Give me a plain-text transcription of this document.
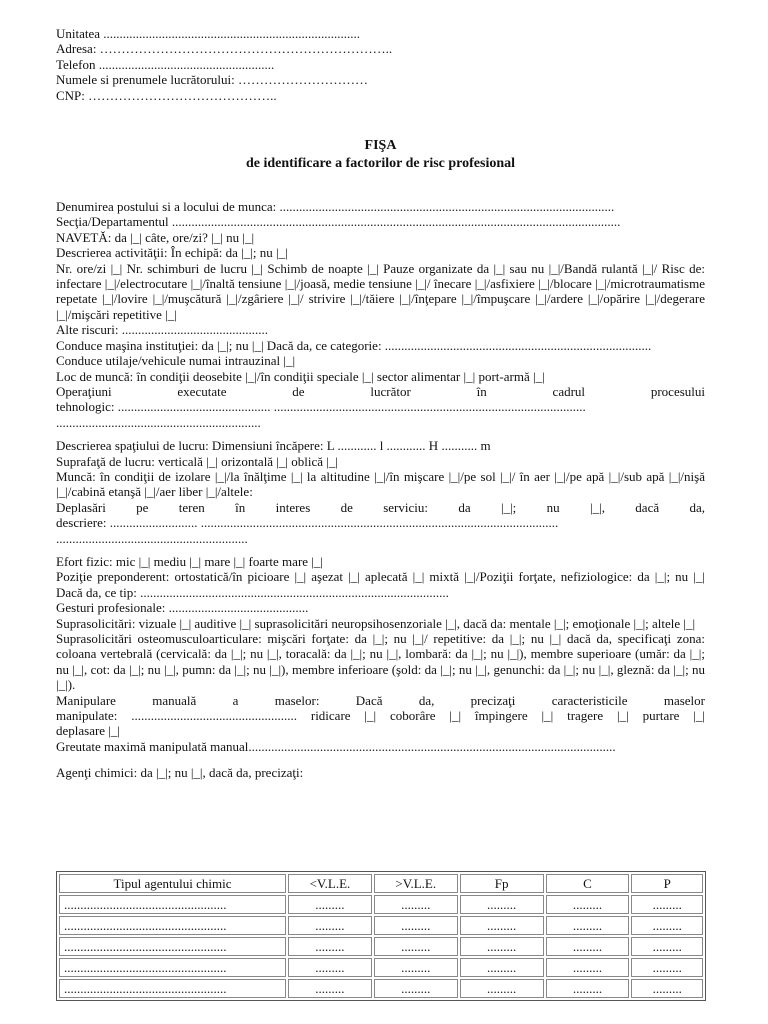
Unitatea ...............................................................................
Adresa: …………………………………………………………..
Telefon ......................................................
Numele si prenumele lucrătorului: …………………………
CNP: ……………………………………..
FIŞA
de identificare a factorilor de risc profesional
Denumirea postului si a locului de munca: .......................................................................................................
Secţia/Departamentul ..........................................................................................................................................
NAVETĂ: da |_| câte, ore/zi? |_| nu |_|
Descrierea activităţii: În echipă: da |_|; nu |_|
Nr. ore/zi |_| Nr. schimburi de lucru |_| Schimb de noapte |_| Pauze organizate da |_| sau nu |_|/Bandă rulantă |_|/ Risc de: infectare |_|/electrocutare |_|/înaltă tensiune |_|/joasă, medie tensiune |_|/ înecare |_|/asfixiere |_|/blocare |_|/microtraumatisme repetate |_|/lovire |_|/muşcătură |_|/zgâriere |_|/ strivire |_|/tăiere |_|/înţepare |_|/împuşcare |_|/ardere |_|/opărire |_|/degerare |_|/mişcări repetitive |_|
Alte riscuri: .............................................
Conduce maşina instituţiei: da |_|; nu |_| Dacă da, ce categorie: ..................................................................................
Conduce utilaje/vehicule numai intrauzinal |_|
Loc de muncă: în condiţii deosebite |_|/în condiţii speciale |_| sector alimentar |_| port-armă |_|
Operaţiuni executate de lucrător în cadrul procesului
tehnologic: ............................................... ................................................................................................
...............................................................
Descrierea spaţiului de lucru: Dimensiuni încăpere: L ............ l ............ H ........... m
Suprafaţă de lucru: verticală |_| orizontală |_| oblică |_|
Muncă: în condiţii de izolare |_|/la înălţime |_| la altitudine |_|/în mişcare |_|/pe sol |_|/ în aer |_|/pe apă |_|/sub apă |_|/nişă |_|/cabină etanşă |_|/aer liber |_|/altele:
Deplasări pe teren în interes de serviciu: da |_|; nu |_|, dacă da,
descriere: ........................... ..............................................................................................................
...........................................................
Efort fizic: mic |_| mediu |_| mare |_| foarte mare |_|
Poziţie preponderent: ortostatică/în picioare |_| aşezat |_| aplecată |_| mixtă |_|/Poziţii forţate, nefiziologice: da |_|; nu |_| Dacă da, ce tip: ...............................................................................................
Gesturi profesionale: ...........................................
Suprasolicitări: vizuale |_| auditive |_| suprasolicitări neuropsihosenzoriale |_|, dacă da: mentale |_|; emoţionale |_|; altele |_|
Suprasolicitări osteomusculoarticulare: mişcări forţate: da |_|; nu |_|/ repetitive: da |_|; nu |_| dacă da, specificaţi zona: coloana vertebrală (cervicală: da |_|; nu |_|, toracală: da |_|; nu |_|, lombară: da |_|; nu |_|), membre superioare (umăr: da |_|; nu |_|, cot: da |_|; nu |_|, pumn: da |_|; nu |_|), membre inferioare (şold: da |_|; nu |_|, genunchi: da |_|; nu |_|, gleznă: da |_|; nu |_|).
Manipulare manuală a maselor: Dacă da, precizaţi caracteristicile maselor
manipulate: ................................................... ridicare |_| coborâre |_| împingere |_| tragere |_| purtare |_|
deplasare |_|
Greutate maximă manipulată manual.................................................................................................................
Agenţi chimici: da |_|; nu |_|, dacă da, precizaţi:
Tipul agentului chimic	<V.L.E.	>V.L.E.	Fp	C	P
..................................................	.........	.........	.........	.........	.........
..................................................	.........	.........	.........	.........	.........
..................................................	.........	.........	.........	.........	.........
..................................................	.........	.........	.........	.........	.........
..................................................	.........	.........	.........	.........	.........
